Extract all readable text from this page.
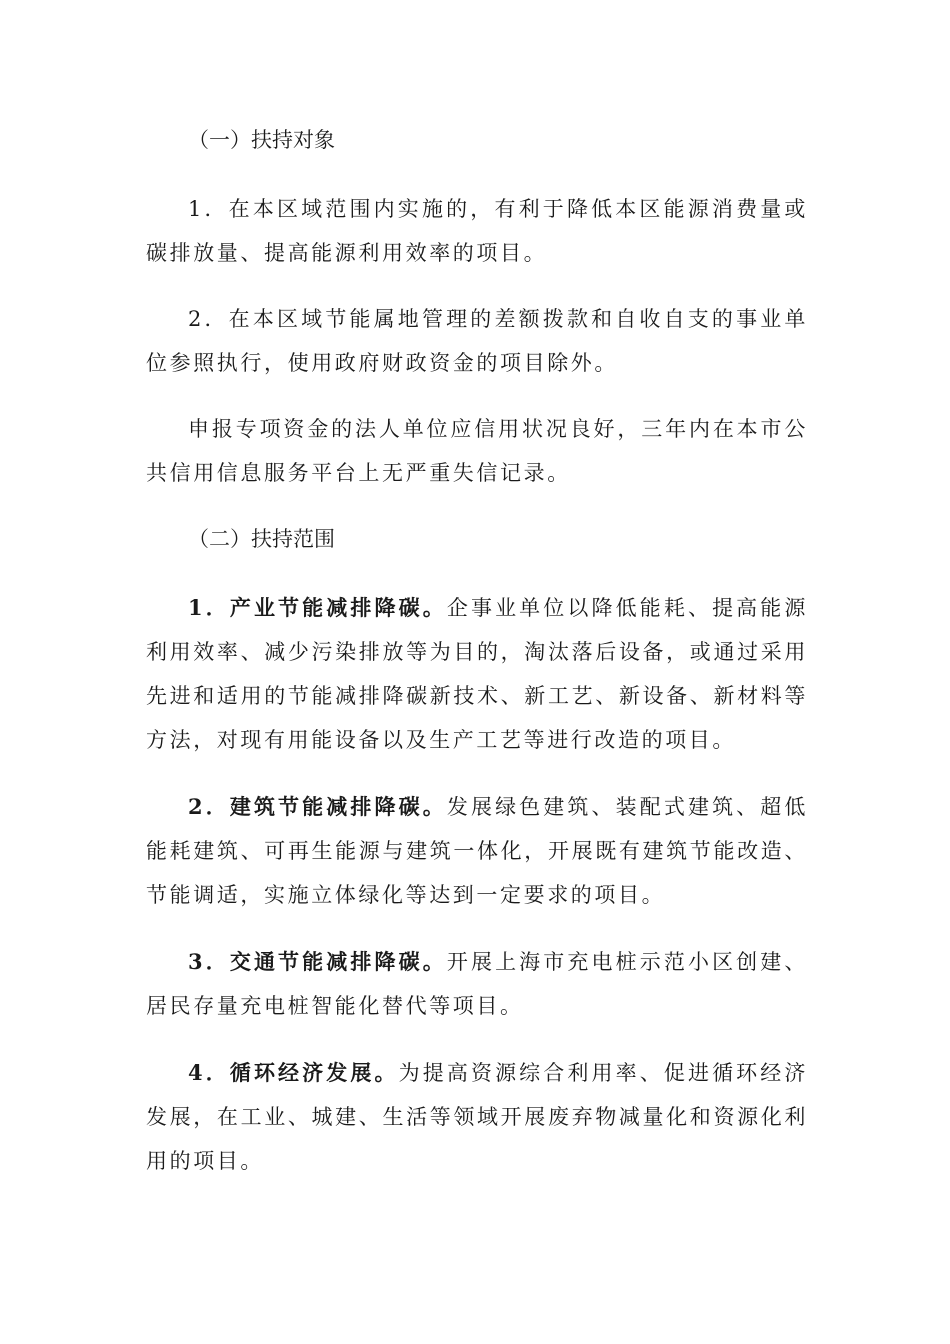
（一）扶持对象

1．在本区域范围内实施的，有利于降低本区能源消费量或碳排放量、提高能源利用效率的项目。

2．在本区域节能属地管理的差额拨款和自收自支的事业单位参照执行，使用政府财政资金的项目除外。

申报专项资金的法人单位应信用状况良好，三年内在本市公共信用信息服务平台上无严重失信记录。

（二）扶持范围

1．产业节能减排降碳。企事业单位以降低能耗、提高能源利用效率、减少污染排放等为目的，淘汰落后设备，或通过采用先进和适用的节能减排降碳新技术、新工艺、新设备、新材料等方法，对现有用能设备以及生产工艺等进行改造的项目。

2．建筑节能减排降碳。发展绿色建筑、装配式建筑、超低能耗建筑、可再生能源与建筑一体化，开展既有建筑节能改造、节能调适，实施立体绿化等达到一定要求的项目。

3．交通节能减排降碳。开展上海市充电桩示范小区创建、居民存量充电桩智能化替代等项目。

4．循环经济发展。为提高资源综合利用率、促进循环经济发展，在工业、城建、生活等领域开展废弃物减量化和资源化利用的项目。
